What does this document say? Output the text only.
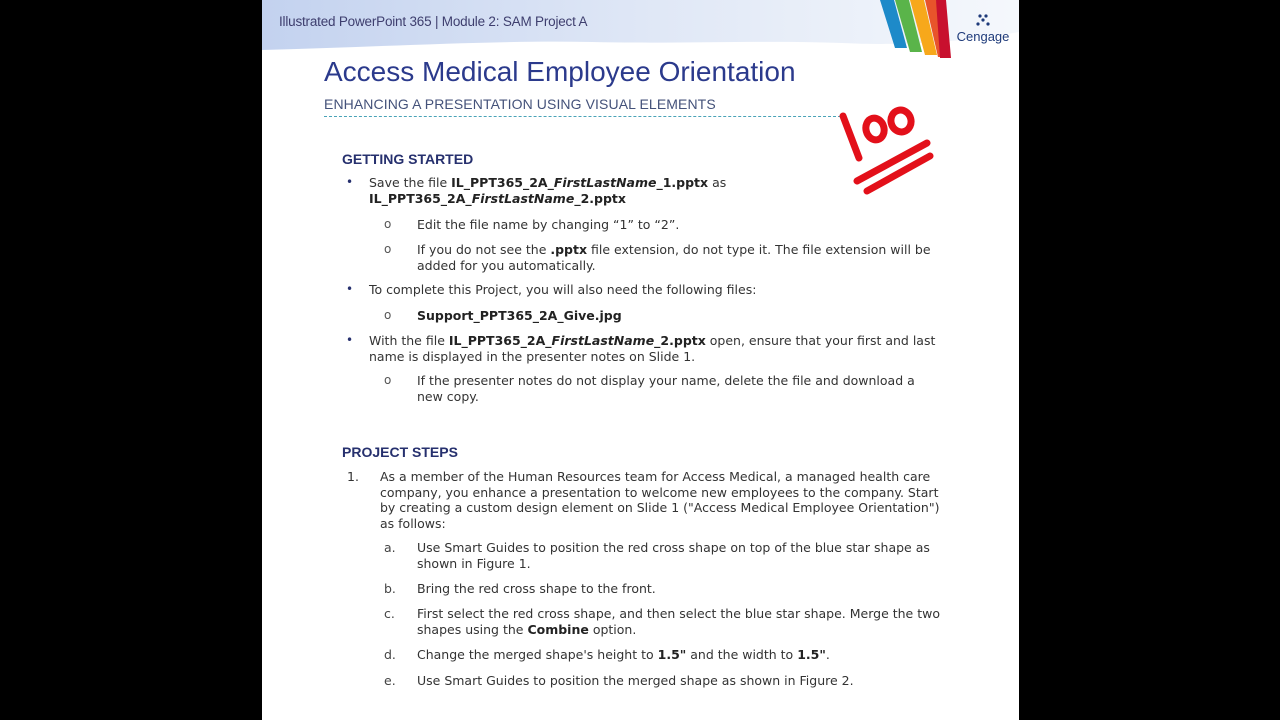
Illustrated PowerPoint 365 | Module 2: SAM Project A
Cengage
Access Medical Employee Orientation
ENHANCING A PRESENTATION USING VISUAL ELEMENTS
GETTING STARTED
• Save the file IL_PPT365_2A_FirstLastName_1.pptx as IL_PPT365_2A_FirstLastName_2.pptx
o Edit the file name by changing “1” to “2”.
o If you do not see the .pptx file extension, do not type it. The file extension will be added for you automatically.
• To complete this Project, you will also need the following files:
o Support_PPT365_2A_Give.jpg
• With the file IL_PPT365_2A_FirstLastName_2.pptx open, ensure that your first and last name is displayed in the presenter notes on Slide 1.
o If the presenter notes do not display your name, delete the file and download a new copy.
PROJECT STEPS
1. As a member of the Human Resources team for Access Medical, a managed health care company, you enhance a presentation to welcome new employees to the company. Start by creating a custom design element on Slide 1 ("Access Medical Employee Orientation") as follows:
a. Use Smart Guides to position the red cross shape on top of the blue star shape as shown in Figure 1.
b. Bring the red cross shape to the front.
c. First select the red cross shape, and then select the blue star shape. Merge the two shapes using the Combine option.
d. Change the merged shape's height to 1.5" and the width to 1.5".
e. Use Smart Guides to position the merged shape as shown in Figure 2.
